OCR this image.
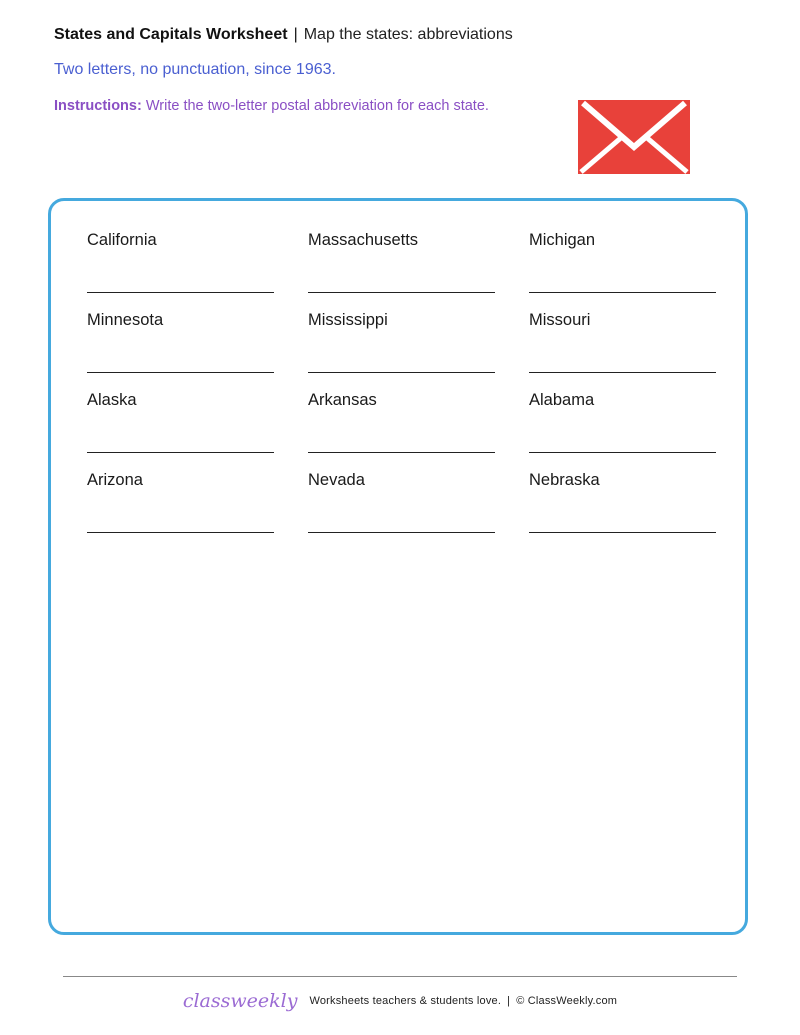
States and Capitals Worksheet | Map the states: abbreviations
Two letters, no punctuation, since 1963.
Instructions: Write the two-letter postal abbreviation for each state.
California	Massachusetts	Michigan
Minnesota	Mississippi	Missouri
Alaska	Arkansas	Alabama
Arizona	Nevada	Nebraska
classweekly Worksheets teachers & students love. | © ClassWeekly.com
